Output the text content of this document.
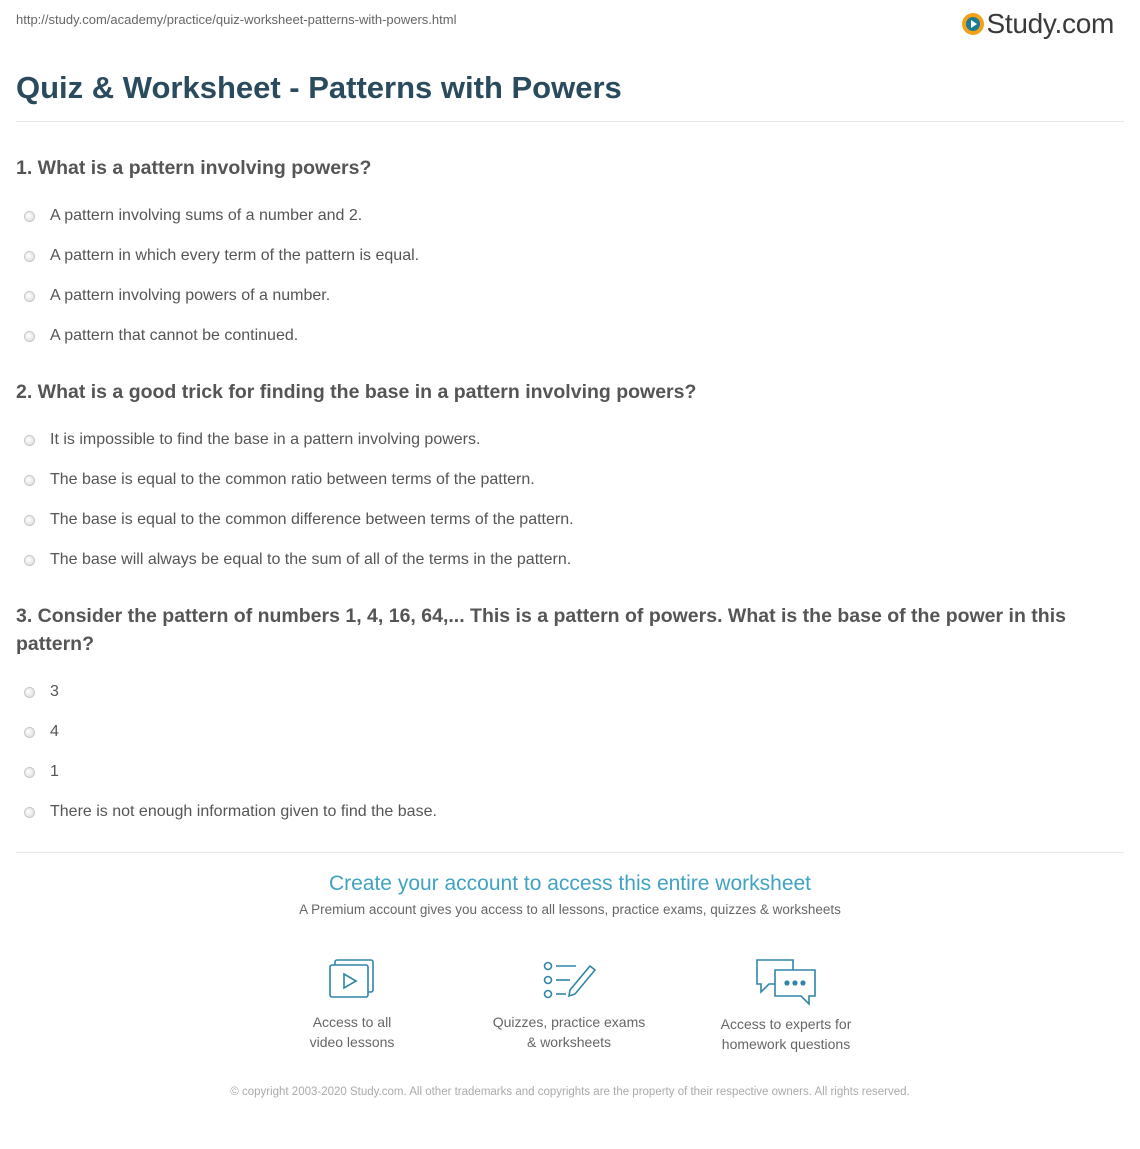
http://study.com/academy/practice/quiz-worksheet-patterns-with-powers.html	Study.com
Quiz & Worksheet - Patterns with Powers

1. What is a pattern involving powers?

A pattern involving sums of a number and 2.
A pattern in which every term of the pattern is equal.
A pattern involving powers of a number.
A pattern that cannot be continued.

2. What is a good trick for finding the base in a pattern involving powers?

It is impossible to find the base in a pattern involving powers.
The base is equal to the common ratio between terms of the pattern.
The base is equal to the common difference between terms of the pattern.
The base will always be equal to the sum of all of the terms in the pattern.

3. Consider the pattern of numbers 1, 4, 16, 64,... This is a pattern of powers. What is the base of the power in this pattern?

3
4
1
There is not enough information given to find the base.
Create your account to access this entire worksheet
A Premium account gives you access to all lessons, practice exams, quizzes & worksheets
Access to all
video lessons
Quizzes, practice exams
& worksheets
Access to experts for
homework questions
© copyright 2003-2020 Study.com. All other trademarks and copyrights are the property of their respective owners. All rights reserved.
